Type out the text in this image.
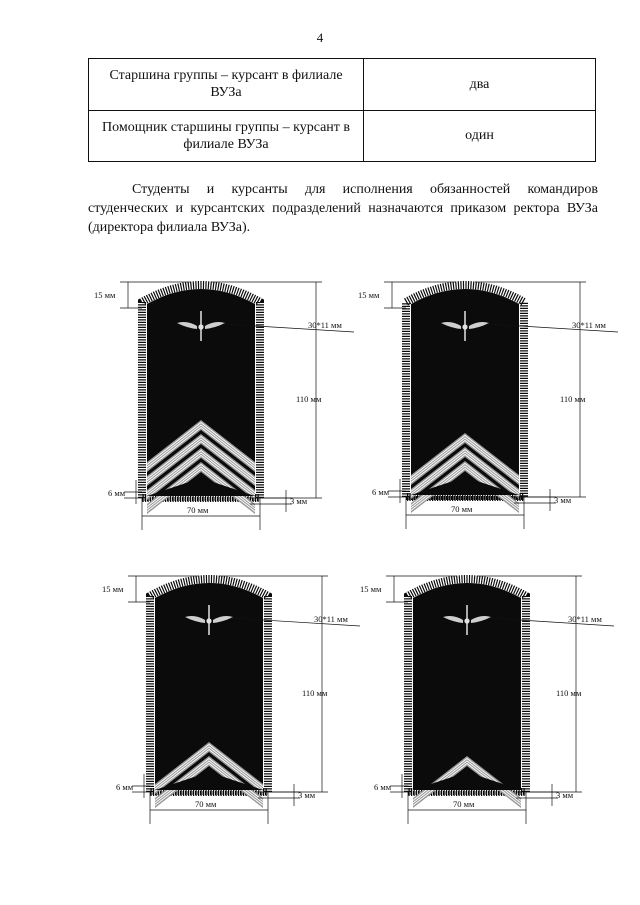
4
Старшина группы – курсант в филиале ВУЗа	два
Помощник старшины группы – курсант в филиале ВУЗа	один

Студенты и курсанты для исполнения обязанностей командиров студенческих и курсантских подразделений назначаются приказом ректора ВУЗа (директора филиала ВУЗа).

15 мм
110 мм
30*11 мм
3 мм
6 мм
70 мм
15 мм
110 мм
30*11 мм
3 мм
6 мм
70 мм
15 мм
110 мм
30*11 мм
3 мм
6 мм
70 мм
15 мм
110 мм
30*11 мм
3 мм
6 мм
70 мм
